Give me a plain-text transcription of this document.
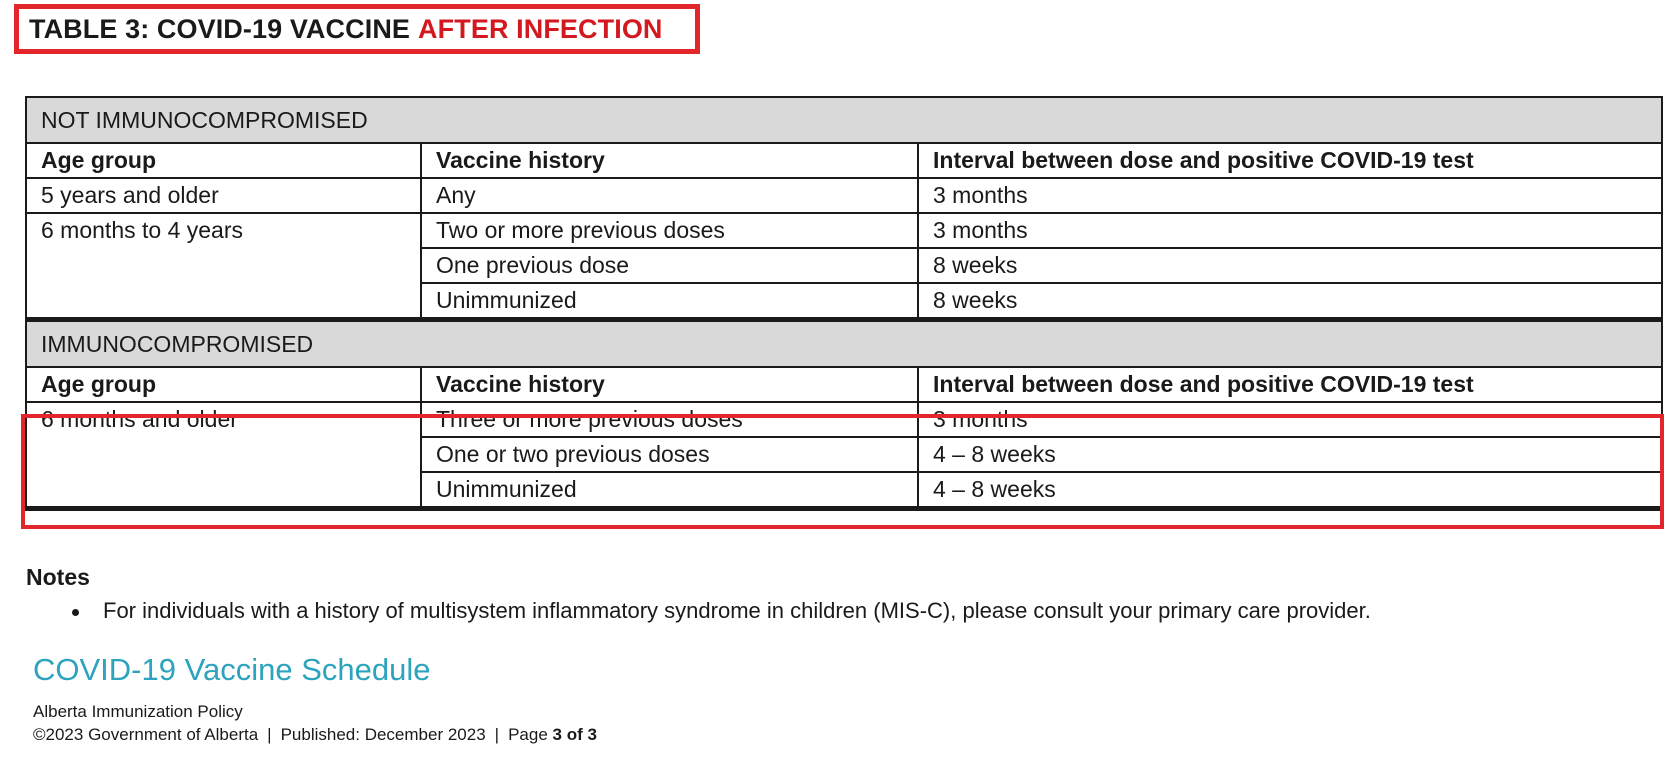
TABLE 3: COVID-19 VACCINE AFTER INFECTION
NOT IMMUNOCOMPROMISED		
Age group	Vaccine history	Interval between dose and positive COVID-19 test
5 years and older	Any	3 months
6 months to 4 years	Two or more previous doses	3 months
	One previous dose	8 weeks
	Unimmunized	8 weeks
IMMUNOCOMPROMISED		
Age group	Vaccine history	Interval between dose and positive COVID-19 test
6 months and older	Three or more previous doses	3 months
	One or two previous doses	4 – 8 weeks
	Unimmunized	4 – 8 weeks
Notes
For individuals with a history of multisystem inflammatory syndrome in children (MIS-C), please consult your primary care provider.
COVID-19 Vaccine Schedule
Alberta Immunization Policy
©2023 Government of Alberta | Published: December 2023 | Page 3 of 3
